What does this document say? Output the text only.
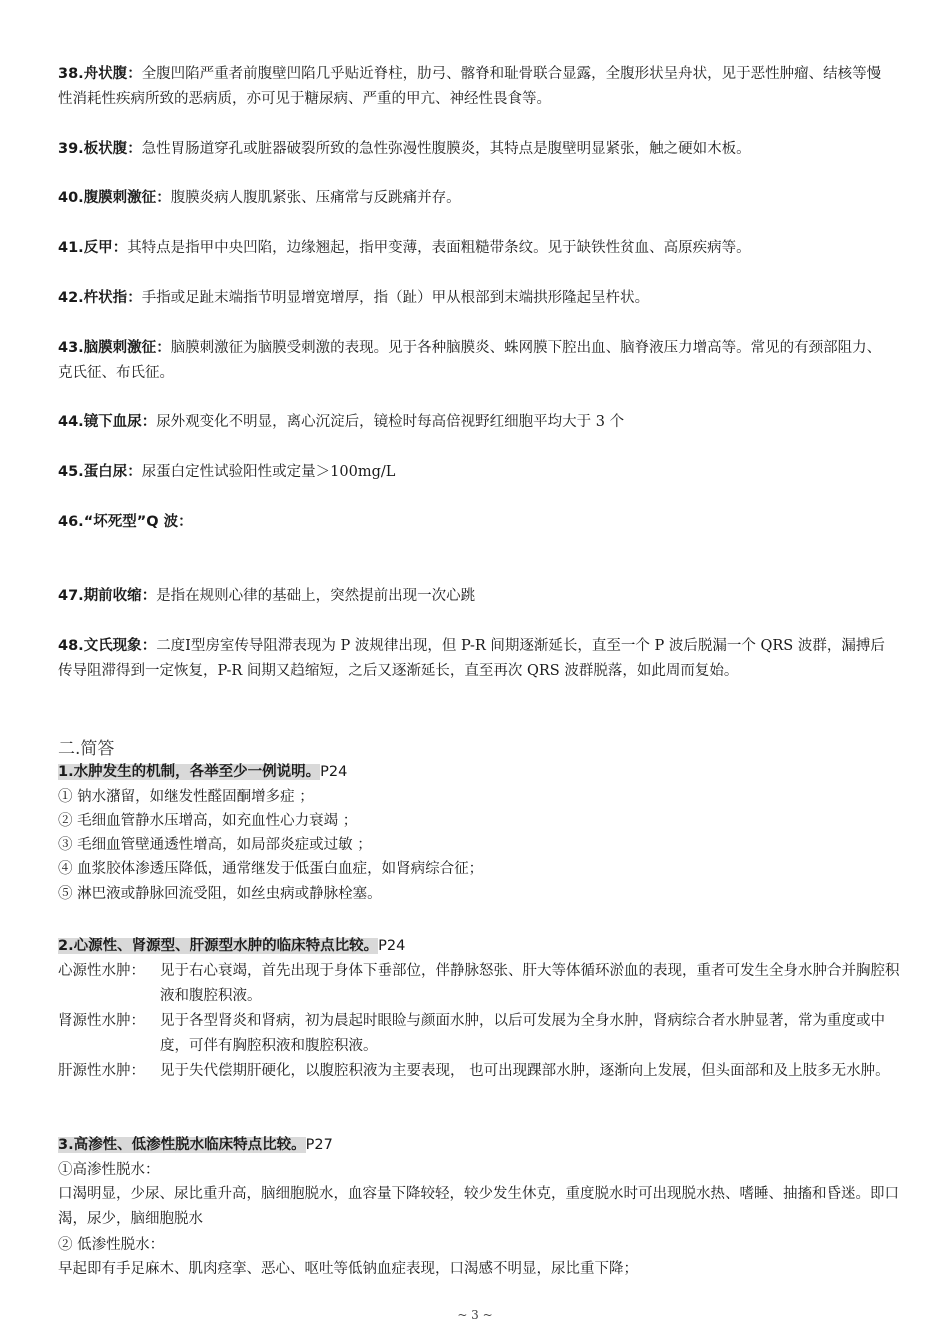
38.舟状腹：全腹凹陷严重者前腹壁凹陷几乎贴近脊柱，肋弓、髂脊和耻骨联合显露，全腹形状呈舟状，见于恶性肿瘤、结核等慢性消耗性疾病所致的恶病质，亦可见于糖尿病、严重的甲亢、神经性畏食等。
39.板状腹：急性胃肠道穿孔或脏器破裂所致的急性弥漫性腹膜炎，其特点是腹壁明显紧张，触之硬如木板。
40.腹膜刺激征：腹膜炎病人腹肌紧张、压痛常与反跳痛并存。
41.反甲：其特点是指甲中央凹陷，边缘翘起，指甲变薄，表面粗糙带条纹。见于缺铁性贫血、高原疾病等。
42.杵状指：手指或足趾末端指节明显增宽增厚，指（趾）甲从根部到末端拱形隆起呈杵状。
43.脑膜刺激征：脑膜刺激征为脑膜受刺激的表现。见于各种脑膜炎、蛛网膜下腔出血、脑脊液压力增高等。常见的有颈部阻力、克氏征、布氏征。
44.镜下血尿：尿外观变化不明显，离心沉淀后，镜检时每高倍视野红细胞平均大于 3 个
45.蛋白尿：尿蛋白定性试验阳性或定量＞100mg/L
46.“坏死型”Q 波：
47.期前收缩：是指在规则心律的基础上，突然提前出现一次心跳
48.文氏现象：二度Ⅰ型房室传导阻滞表现为 P 波规律出现，但 P-R 间期逐渐延长，直至一个 P 波后脱漏一个 QRS 波群，漏搏后传导阻滞得到一定恢复，P-R 间期又趋缩短，之后又逐渐延长，直至再次 QRS 波群脱落，如此周而复始。
二.简答
1.水肿发生的机制，各举至少一例说明。P24
① 钠水潴留，如继发性醛固酮增多症 ；
② 毛细血管静水压增高，如充血性心力衰竭 ；
③ 毛细血管壁通透性增高，如局部炎症或过敏 ；
④ 血浆胶体渗透压降低，通常继发于低蛋白血症，如肾病综合征；
⑤ 淋巴液或静脉回流受阻，如丝虫病或静脉栓塞。
2.心源性、肾源型、肝源型水肿的临床特点比较。P24
心源性水肿： 见于右心衰竭，首先出现于身体下垂部位，伴静脉怒张、肝大等体循环淤血的表现，重者可发生全身水肿合并胸腔积液和腹腔积液。
肾源性水肿： 见于各型肾炎和肾病，初为晨起时眼睑与颜面水肿，以后可发展为全身水肿，肾病综合者水肿显著，常为重度或中度，可伴有胸腔积液和腹腔积液。
肝源性水肿： 见于失代偿期肝硬化，以腹腔积液为主要表现， 也可出现踝部水肿，逐渐向上发展，但头面部和及上肢多无水肿。
3.高渗性、低渗性脱水临床特点比较。P27
①高渗性脱水：
口渴明显，少尿、尿比重升高，脑细胞脱水，血容量下降较轻，较少发生休克，重度脱水时可出现脱水热、嗜睡、抽搐和昏迷。即口渴，尿少，脑细胞脱水
② 低渗性脱水：
早起即有手足麻木、肌肉痉挛、恶心、呕吐等低钠血症表现，口渴感不明显，尿比重下降；
~ 3 ~
